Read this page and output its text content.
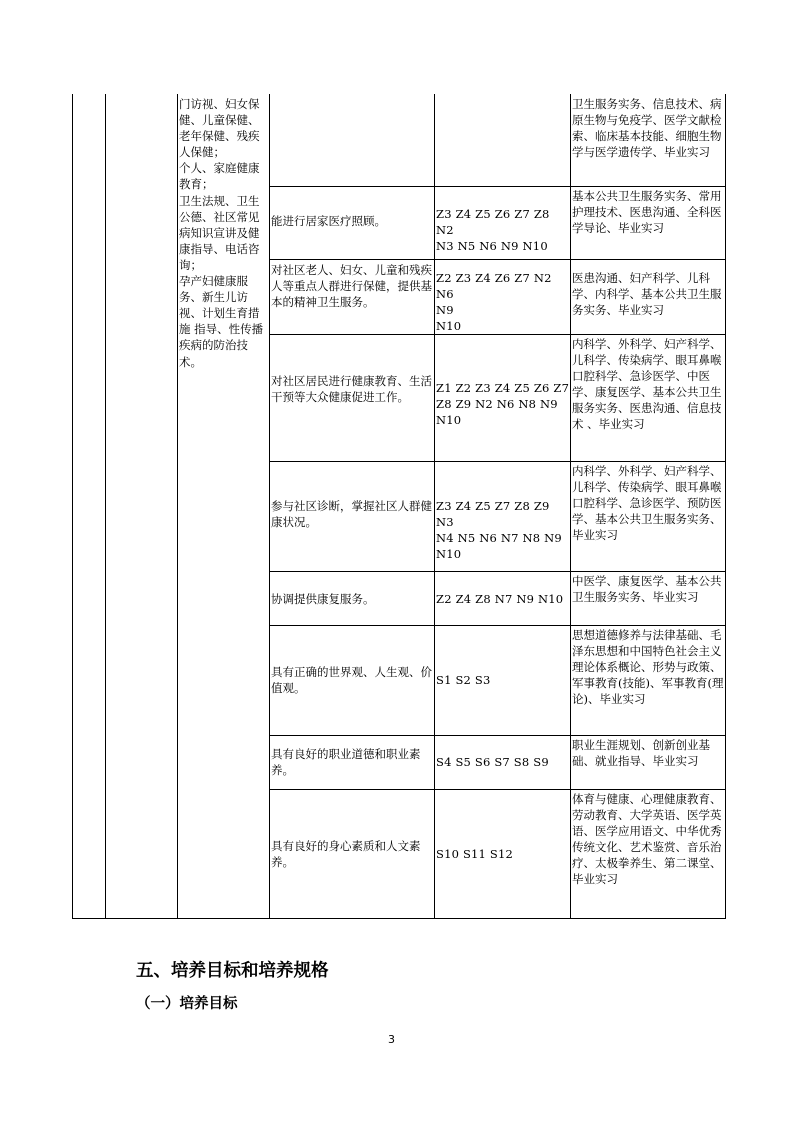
门访视、妇女保健、儿童保健、老年保健、残疾人保健；
个人、家庭健康教育；
卫生法规、卫生公德、社区常见病知识宣讲及健康指导、电话咨询；
孕产妇健康服务、新生儿访视、计划生育措施 指导、性传播疾病的防治技术。
卫生服务实务、信息技术、病原生物与免疫学、医学文献检索、临床基本技能、细胞生物学与医学遗传学、毕业实习
能进行居家医疗照顾。	Z3 Z4 Z5 Z6 Z7 Z8 N2
N3 N5 N6 N9 N10
基本公共卫生服务实务、常用护理技术、医患沟通、全科医学导论、毕业实习
对社区老人、妇女、儿童和残疾人等重点人群进行保健，提供基本的精神卫生服务。
Z2 Z3 Z4 Z6 Z7 N2 N6
N9
N10
医患沟通、妇产科学、儿科学、内科学、基本公共卫生服务实务、毕业实习
对社区居民进行健康教育、生活干预等大众健康促进工作。
Z1 Z2 Z3 Z4 Z5 Z6 Z7
Z8 Z9 N2 N6 N8 N9 N10
内科学、外科学、妇产科学、儿科学、传染病学、眼耳鼻喉口腔科学、急诊医学、中医学、康复医学、基本公共卫生服务实务、医患沟通、信息技术 、毕业实习
参与社区诊断，掌握社区人群健康状况。
Z3 Z4 Z5 Z7 Z8 Z9 N3
N4 N5 N6 N7 N8 N9 N10
内科学、外科学、妇产科学、儿科学、传染病学、眼耳鼻喉口腔科学、急诊医学、预防医学、基本公共卫生服务实务、毕业实习
协调提供康复服务。	Z2 Z4 Z8 N7 N9 N10
中医学、康复医学、基本公共卫生服务实务、毕业实习
具有正确的世界观、人生观、价值观。
S1 S2 S3
思想道德修养与法律基础、毛泽东思想和中国特色社会主义理论体系概论、形势与政策、军事教育(技能)、军事教育(理论)、毕业实习
具有良好的职业道德和职业素养。
S4 S5 S6 S7 S8 S9
职业生涯规划、创新创业基础、就业指导、毕业实习
具有良好的身心素质和人文素养。
S10 S11 S12
体育与健康、心理健康教育、劳动教育、大学英语、医学英语、医学应用语文、中华优秀传统文化、艺术鉴赏、音乐治疗、太极拳养生、第二课堂、毕业实习
五、培养目标和培养规格
（一）培养目标
3
